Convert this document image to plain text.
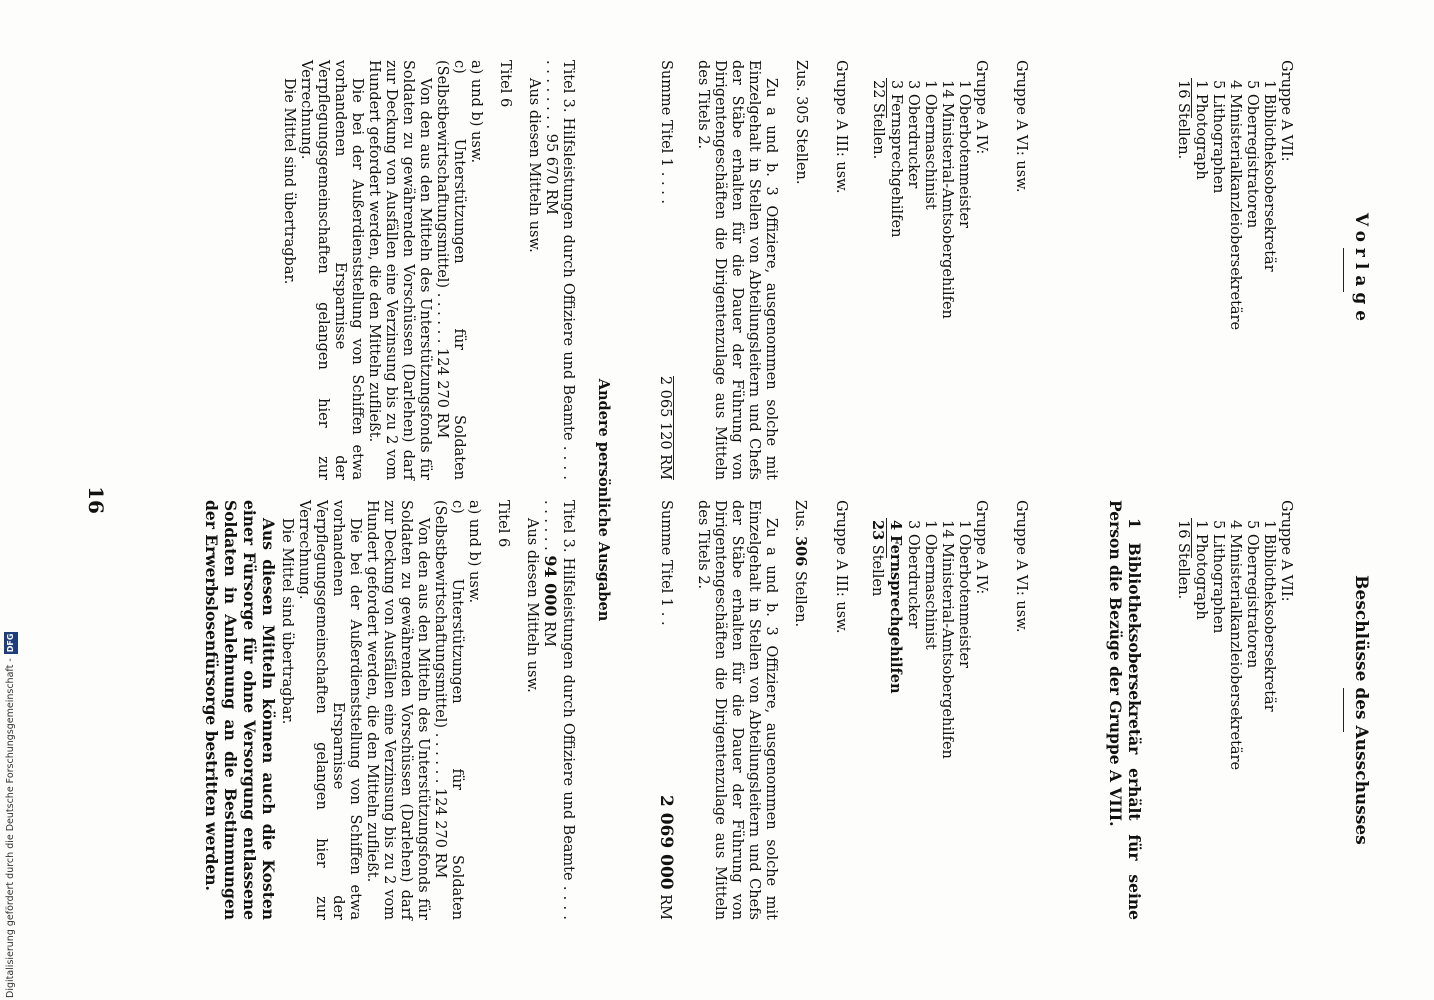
Vorlage
Gruppe A VII:
1 Bibliotheksobersekretär
5 Oberregistratoren
4 Ministerialkanzleiobersekretäre
5 Lithographen
1 Photograph
16 Stellen.
Gruppe A VI: usw.
Gruppe A IV:
1 Oberbotenmeister
14 Ministerial-Amtsobergehilfen
1 Obermaschinist
3 Oberdrucker
3 Fernsprechgehilfen
22 Stellen.
Gruppe A III: usw.
Zus. 305 Stellen.
Zu a und b. 3 Offiziere, ausgenommen solche mit Einzelgehalt in Stellen von Abteilungsleitern und Chefs der Stäbe erhalten für die Dauer der Führung von Dirigentengeschäften die Dirigentenzulage aus Mitteln des Titels 2.
Summe Titel 1 . . . .
2 065 120 RM
Beschlüsse des Ausschusses
Gruppe A VII:
1 Bibliotheksobersekretär
5 Oberregistratoren
4 Ministerialkanzleiobersekretäre
5 Lithographen
1 Photograph
16 Stellen.
1 Bibliotheksobersekretär erhält für seine Person die Bezüge der Gruppe A VIII.
Gruppe A VI: usw.
Gruppe A IV:
1 Oberbotenmeister
14 Ministerial-Amtsobergehilfen
1 Obermaschinist
3 Oberdrucker
4 Fernsprechgehilfen
23 Stellen
Gruppe A III: usw.
Zus. 306 Stellen.
Zu a und b. 3 Offiziere, ausgenommen solche mit Einzelgehalt in Stellen von Abteilungsleitern und Chefs der Stäbe erhalten für die Dauer der Führung von Dirigentengeschäften die Dirigentenzulage aus Mitteln des Titels 2.
Summe Titel 1 . .
2 069 000 RM
Andere persönliche Ausgaben
Titel 3. Hilfsleistungen durch Offiziere und Beamte . . . . . . . . . . . . 95 670 RM
Aus diesen Mitteln usw.
Titel 6
a) und b) usw.
c) Unterstützungen für Soldaten (Selbstbewirtschaftungsmittel) . . . . . . 124 270 RM

Von den aus den Mitteln des Unterstützungsfonds für Soldaten zu gewährenden Vorschüssen (Darlehen) darf zur Deckung von Ausfällen eine Verzinsung bis zu 2 vom Hundert gefordert werden, die den Mitteln zufließt.

Die bei der Außerdienststellung von Schiffen etwa vorhandenen Ersparnisse der Verpflegungsgemeinschaften gelangen hier zur Verrechnung.

Die Mittel sind übertragbar.

Titel 3. Hilfsleistungen durch Offiziere und Beamte . . . . . . . . . . 94 000 RM
Aus diesen Mitteln usw.
Titel 6
a) und b) usw.
c) Unterstützungen für Soldaten (Selbstbewirtschaftungsmittel) . . . . . . 124 270 RM

Von den aus den Mitteln des Unterstützungsfonds für Soldaten zu gewährenden Vorschüssen (Darlehen) darf zur Deckung von Ausfällen eine Verzinsung bis zu 2 vom Hundert gefordert werden, die den Mitteln zufließt.

Die bei der Außerdienststellung von Schiffen etwa vorhandenen Ersparnisse der Verpflegungsgemeinschaften gelangen hier zur Verrechnung.

Die Mittel sind übertragbar.

Aus diesen Mitteln können auch die Kosten einer Fürsorge für ohne Versorgung entlassene Soldaten in Anlehnung an die Bestimmungen der Erwerbslosenfürsorge bestritten werden.

16
Digitalisierung gefördert durch die Deutsche Forschungsgemeinschaft -DFG
